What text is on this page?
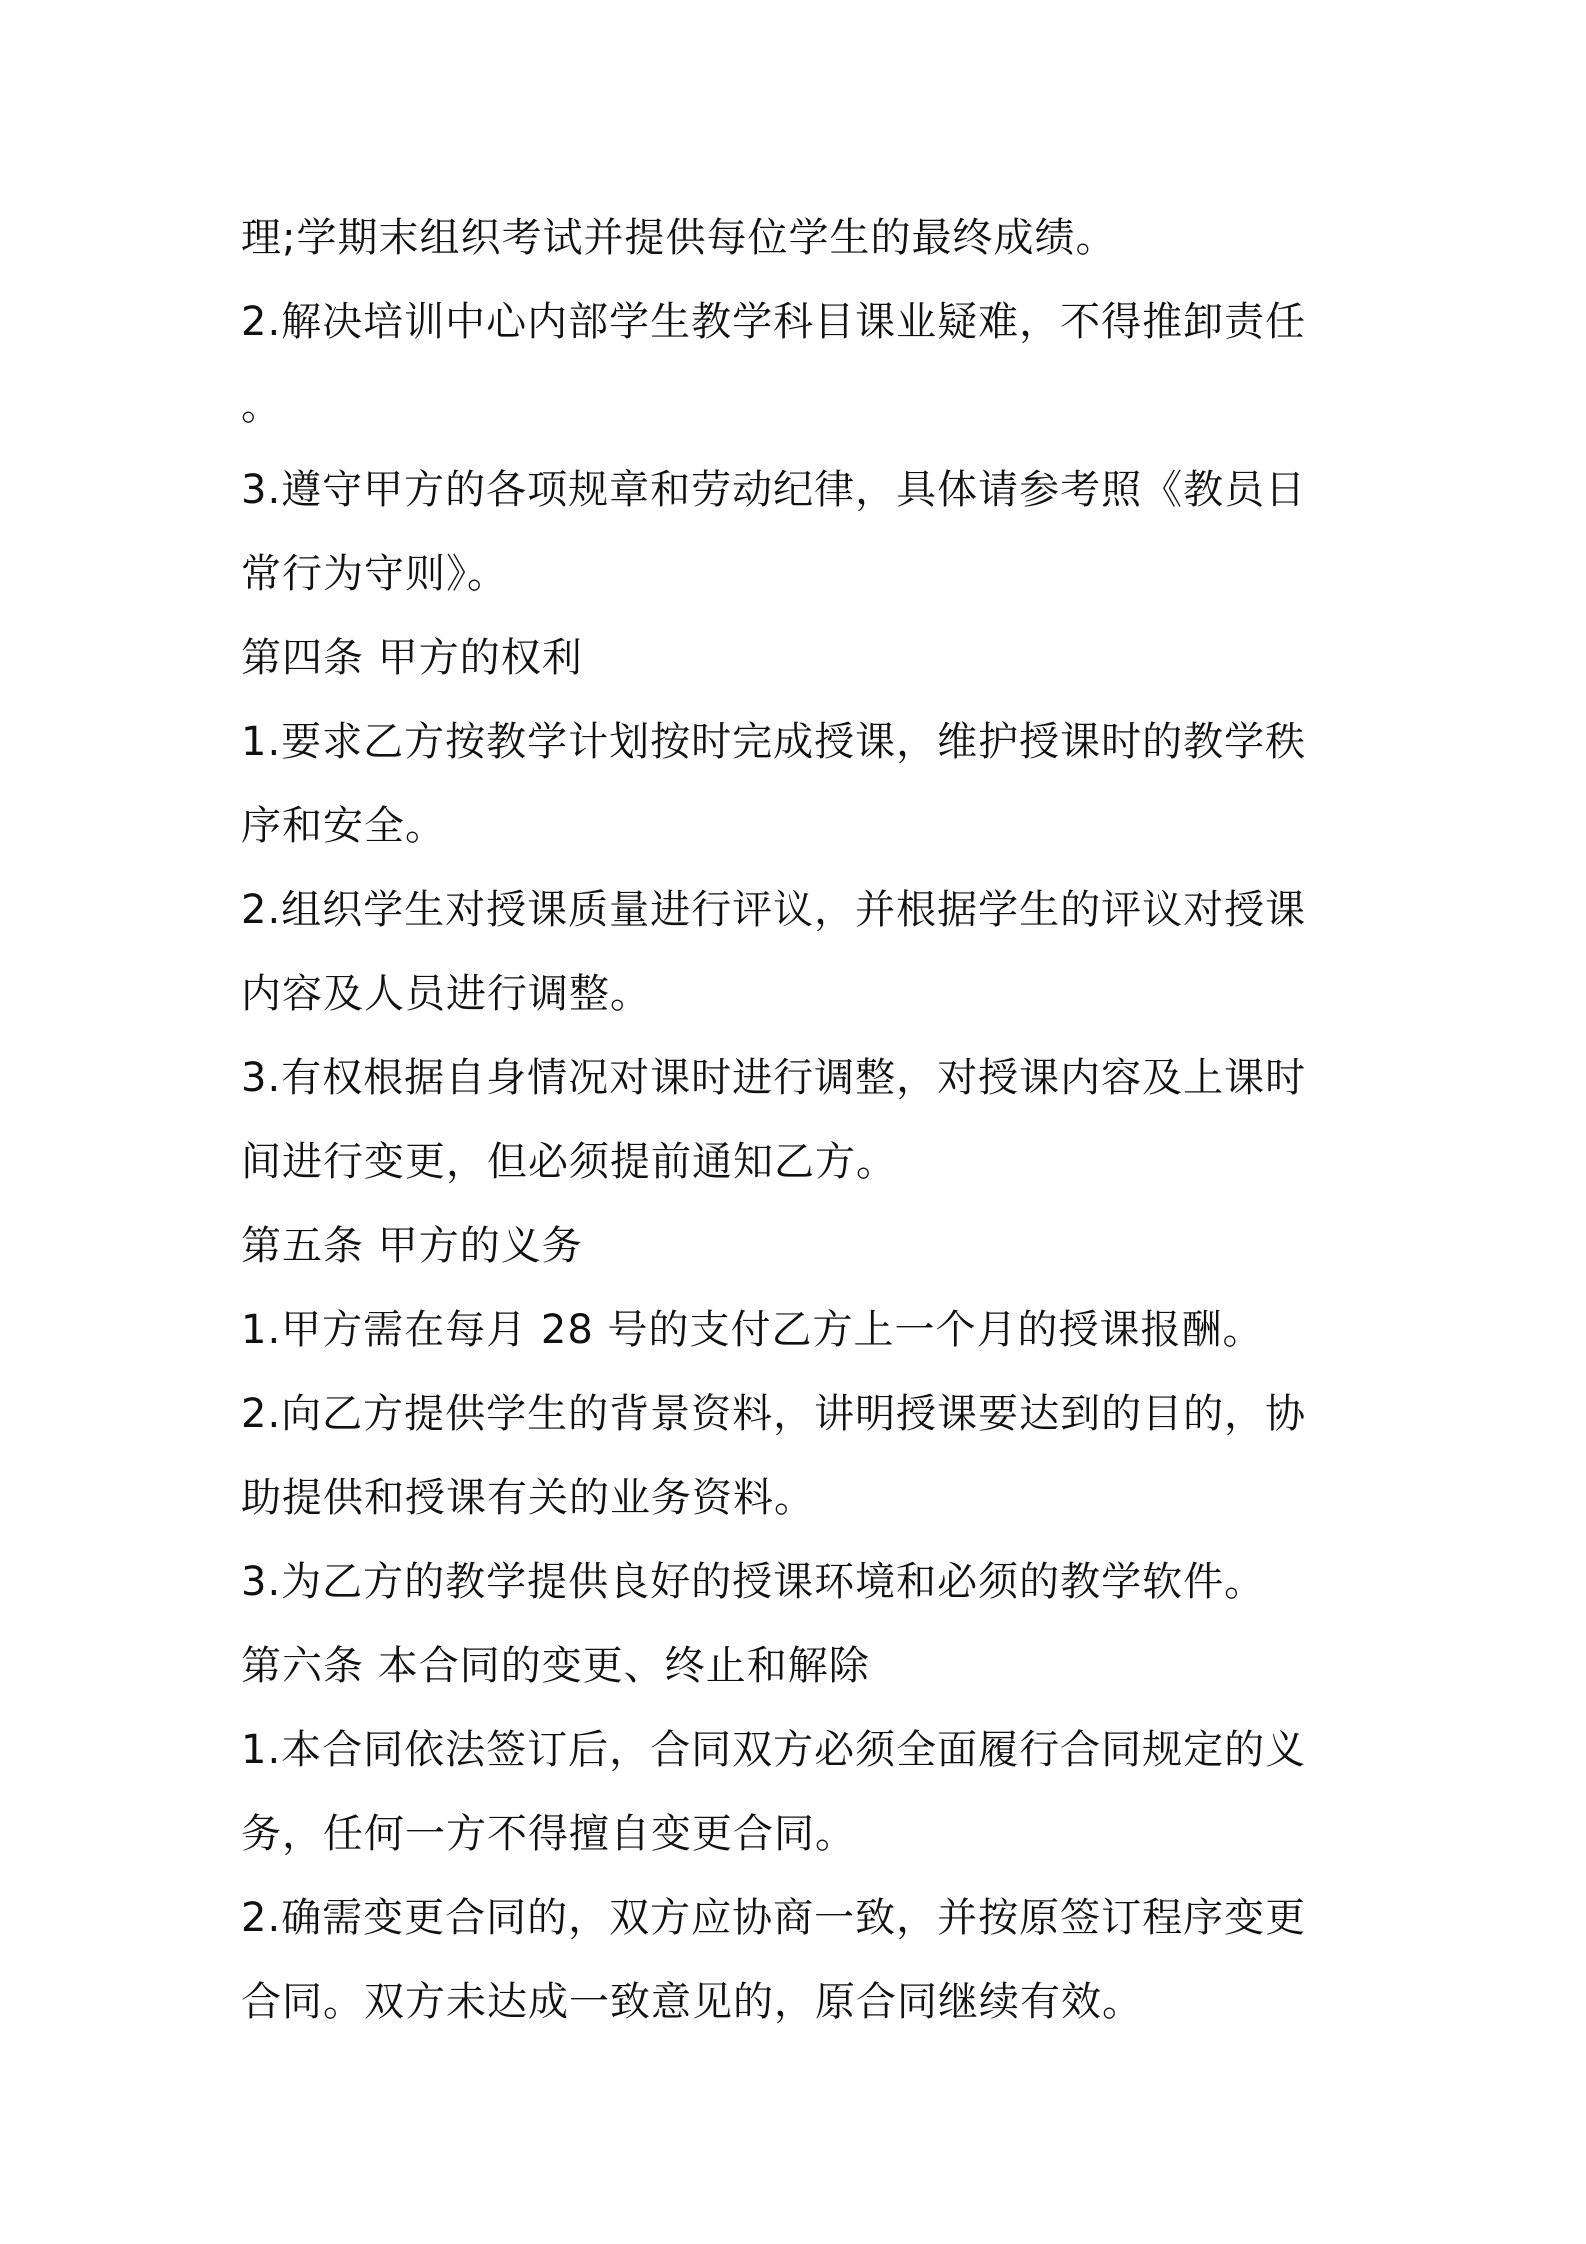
理;学期末组织考试并提供每位学生的最终成绩。
2.解决培训中心内部学生教学科目课业疑难，不得推卸责任
。
3.遵守甲方的各项规章和劳动纪律，具体请参考照《教员日
常行为守则》。
第四条 甲方的权利
1.要求乙方按教学计划按时完成授课，维护授课时的教学秩
序和安全。
2.组织学生对授课质量进行评议，并根据学生的评议对授课
内容及人员进行调整。
3.有权根据自身情况对课时进行调整，对授课内容及上课时
间进行变更，但必须提前通知乙方。
第五条 甲方的义务
1.甲方需在每月 28 号的支付乙方上一个月的授课报酬。
2.向乙方提供学生的背景资料，讲明授课要达到的目的，协
助提供和授课有关的业务资料。
3.为乙方的教学提供良好的授课环境和必须的教学软件。
第六条 本合同的变更、终止和解除
1.本合同依法签订后，合同双方必须全面履行合同规定的义
务，任何一方不得擅自变更合同。
2.确需变更合同的，双方应协商一致，并按原签订程序变更
合同。双方未达成一致意见的，原合同继续有效。
